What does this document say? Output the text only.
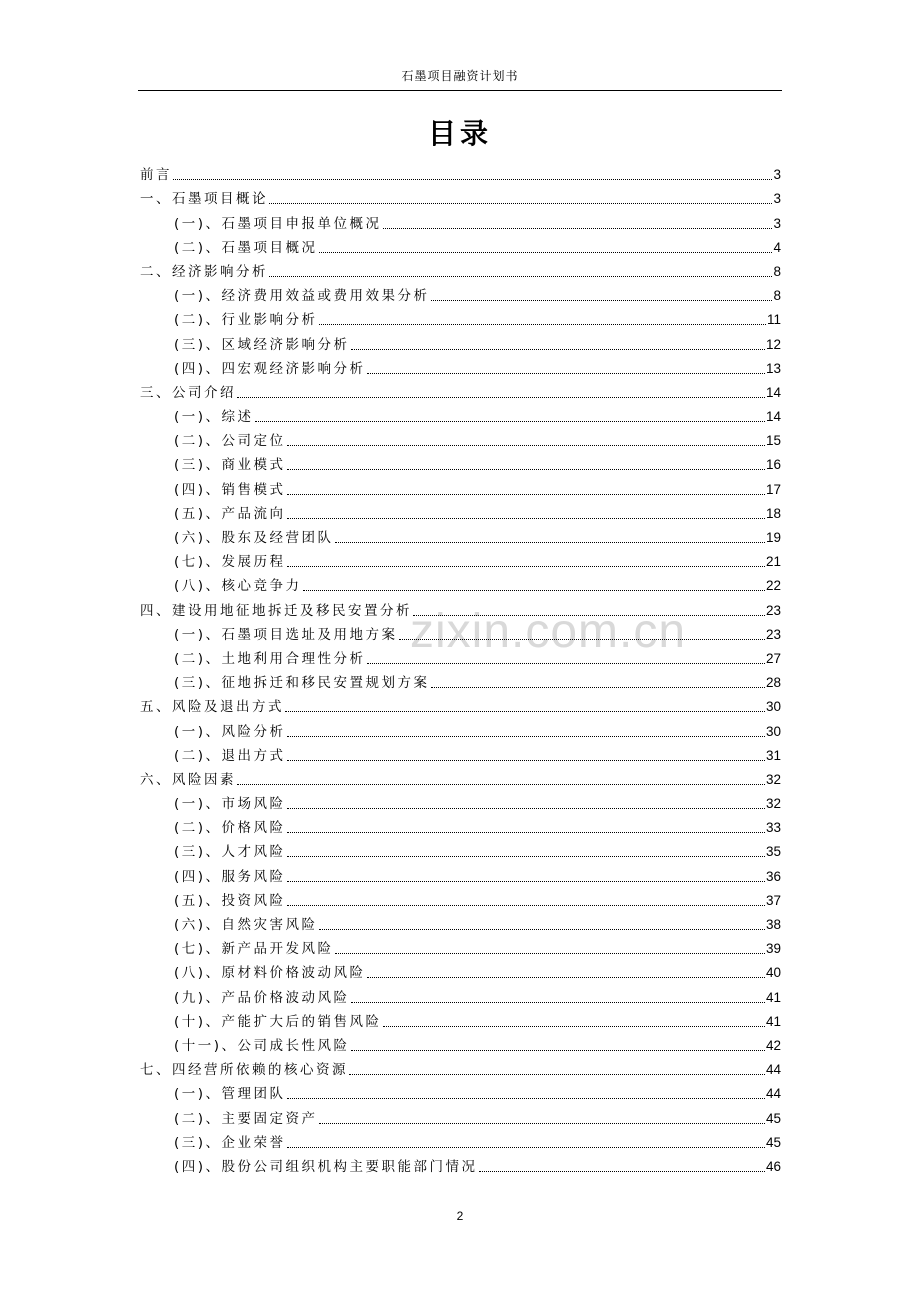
石墨项目融资计划书
目录
zixin.com.cn
前言	3
一、石墨项目概论	3
(一)、石墨项目申报单位概况	3
(二)、石墨项目概况	4
二、经济影响分析	8
(一)、经济费用效益或费用效果分析	8
(二)、行业影响分析	11
(三)、区域经济影响分析	12
(四)、四宏观经济影响分析	13
三、公司介绍	14
(一)、综述	14
(二)、公司定位	15
(三)、商业模式	16
(四)、销售模式	17
(五)、产品流向	18
(六)、股东及经营团队	19
(七)、发展历程	21
(八)、核心竞争力	22
四、建设用地征地拆迁及移民安置分析	23
(一)、石墨项目选址及用地方案	23
(二)、土地利用合理性分析	27
(三)、征地拆迁和移民安置规划方案	28
五、风险及退出方式	30
(一)、风险分析	30
(二)、退出方式	31
六、风险因素	32
(一)、市场风险	32
(二)、价格风险	33
(三)、人才风险	35
(四)、服务风险	36
(五)、投资风险	37
(六)、自然灾害风险	38
(七)、新产品开发风险	39
(八)、原材料价格波动风险	40
(九)、产品价格波动风险	41
(十)、产能扩大后的销售风险	41
(十一)、公司成长性风险	42
七、四经营所依赖的核心资源	44
(一)、管理团队	44
(二)、主要固定资产	45
(三)、企业荣誉	45
(四)、股份公司组织机构主要职能部门情况	46
2
